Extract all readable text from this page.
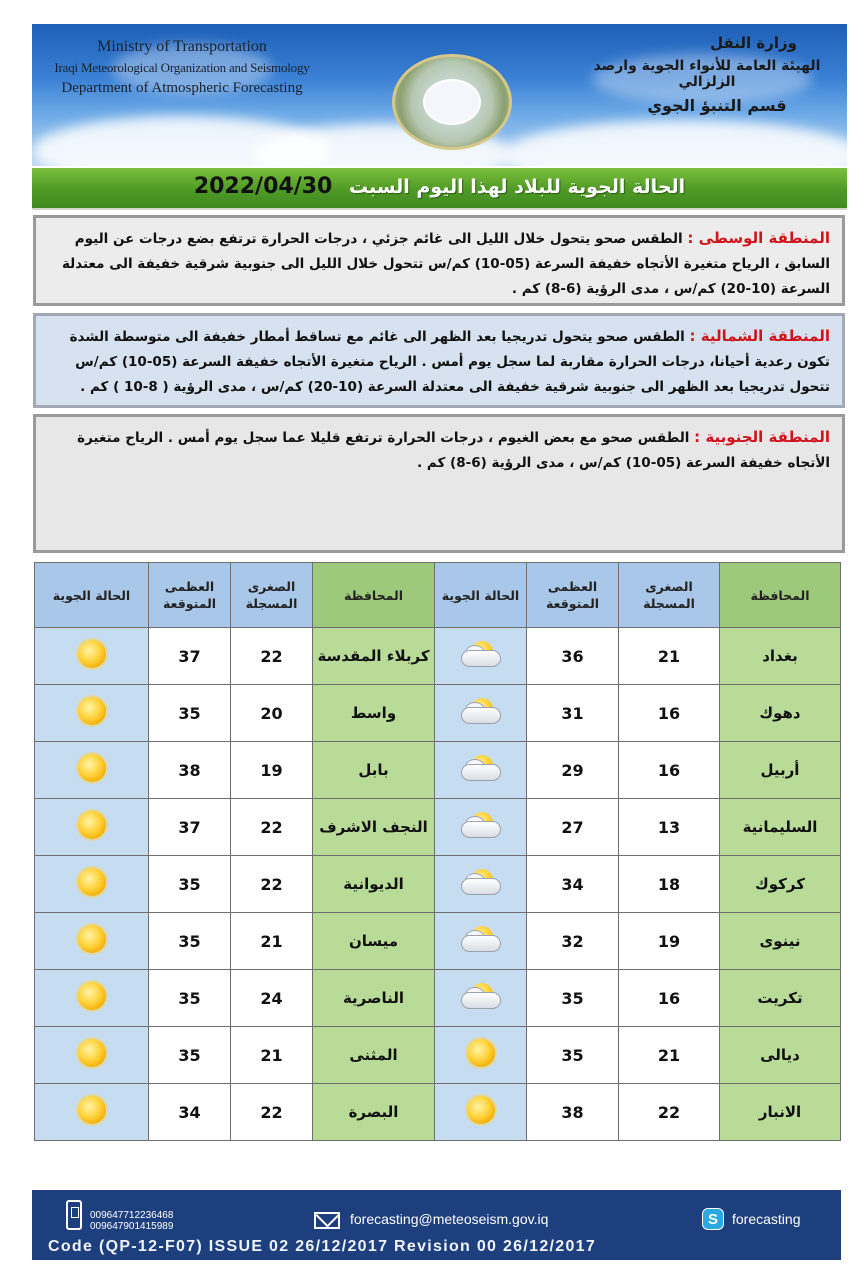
Ministry of Transportation
Iraqi Meteorological Organization and Seismology
Department of Atmospheric Forecasting
وزارة النقل
الهيئة العامة للأنواء الجوية وارصد الزلزالي
قسم التنبؤ الجوي
الحالة الجوية للبلاد لهذا اليوم السبت 2022/04/30
المنطقة الوسطى : الطقس صحو يتحول خلال الليل الى غائم جزئي ، درجات الحرارة ترتفع بضع درجات عن اليوم السابق ، الرياح متغيرة الأتجاه خفيفة السرعة (05-10) كم/س تتحول خلال الليل الى جنوبية شرقية خفيفة الى معتدلة السرعة (10-20) كم/س ، مدى الرؤية (6-8) كم .
المنطقة الشمالية : الطقس صحو يتحول تدريجيا بعد الظهر الى غائم مع تساقط أمطار خفيفة الى متوسطة الشدة تكون رعدية أحيانا، درجات الحرارة مقاربة لما سجل يوم أمس . الرياح متغيرة الأتجاه خفيفة السرعة (05-10) كم/س تتحول تدريجيا بعد الظهر الى جنوبية شرقية خفيفة الى معتدلة السرعة (10-20) كم/س ، مدى الرؤية ( 8-10 ) كم .
المنطقة الجنوبية : الطقس صحو مع بعض الغيوم ، درجات الحرارة ترتفع قليلا عما سجل يوم أمس . الرياح متغيرة الأتجاه خفيفة السرعة (05-10) كم/س ، مدى الرؤية (6-8) كم .
المحافظة	الصغرى المسجلة	العظمى المتوقعة	الحالة الجوية	المحافظة	الصغرى المسجلة	العظمى المتوقعة	الحالة الجوية
بغداد	21	36		كربلاء المقدسة	22	37	

دهوك	16	31		واسط	20	35	

أربيل	16	29		بابل	19	38	

السليمانية	13	27		النجف الاشرف	22	37	

كركوك	18	34		الديوانية	22	35	

نينوى	19	32		ميسان	21	35	

تكريت	16	35		الناصرية	24	35	

ديالى	21	35		المثنى	21	35	

الانبار	22	38		البصرة	22	34	
009647712236468
009647901415989	forecasting@meteoseism.gov.iq	S	forecasting
Code (QP-12-F07) ISSUE 02 26/12/2017 Revision 00 26/12/2017
